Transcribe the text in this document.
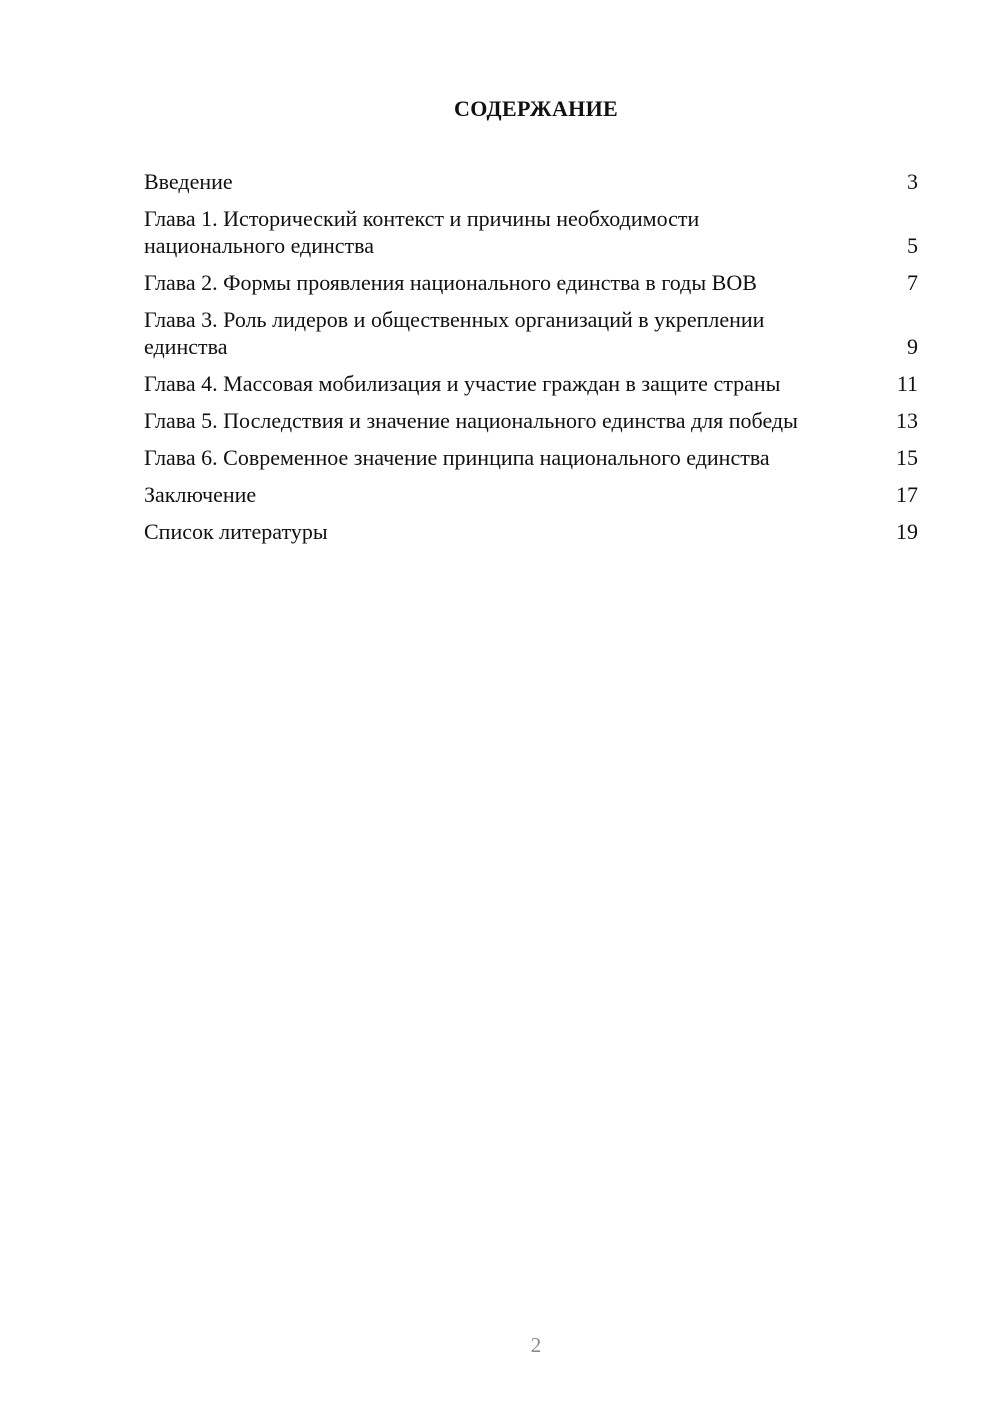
СОДЕРЖАНИЕ
Введение	3
Глава 1. Исторический контекст и причины необходимости национального единства	5
Глава 2. Формы проявления национального единства в годы ВОВ	7
Глава 3. Роль лидеров и общественных организаций в укреплении единства	9
Глава 4. Массовая мобилизация и участие граждан в защите страны	11
Глава 5. Последствия и значение национального единства для победы	13
Глава 6. Современное значение принципа национального единства	15
Заключение	17
Список литературы	19
2
